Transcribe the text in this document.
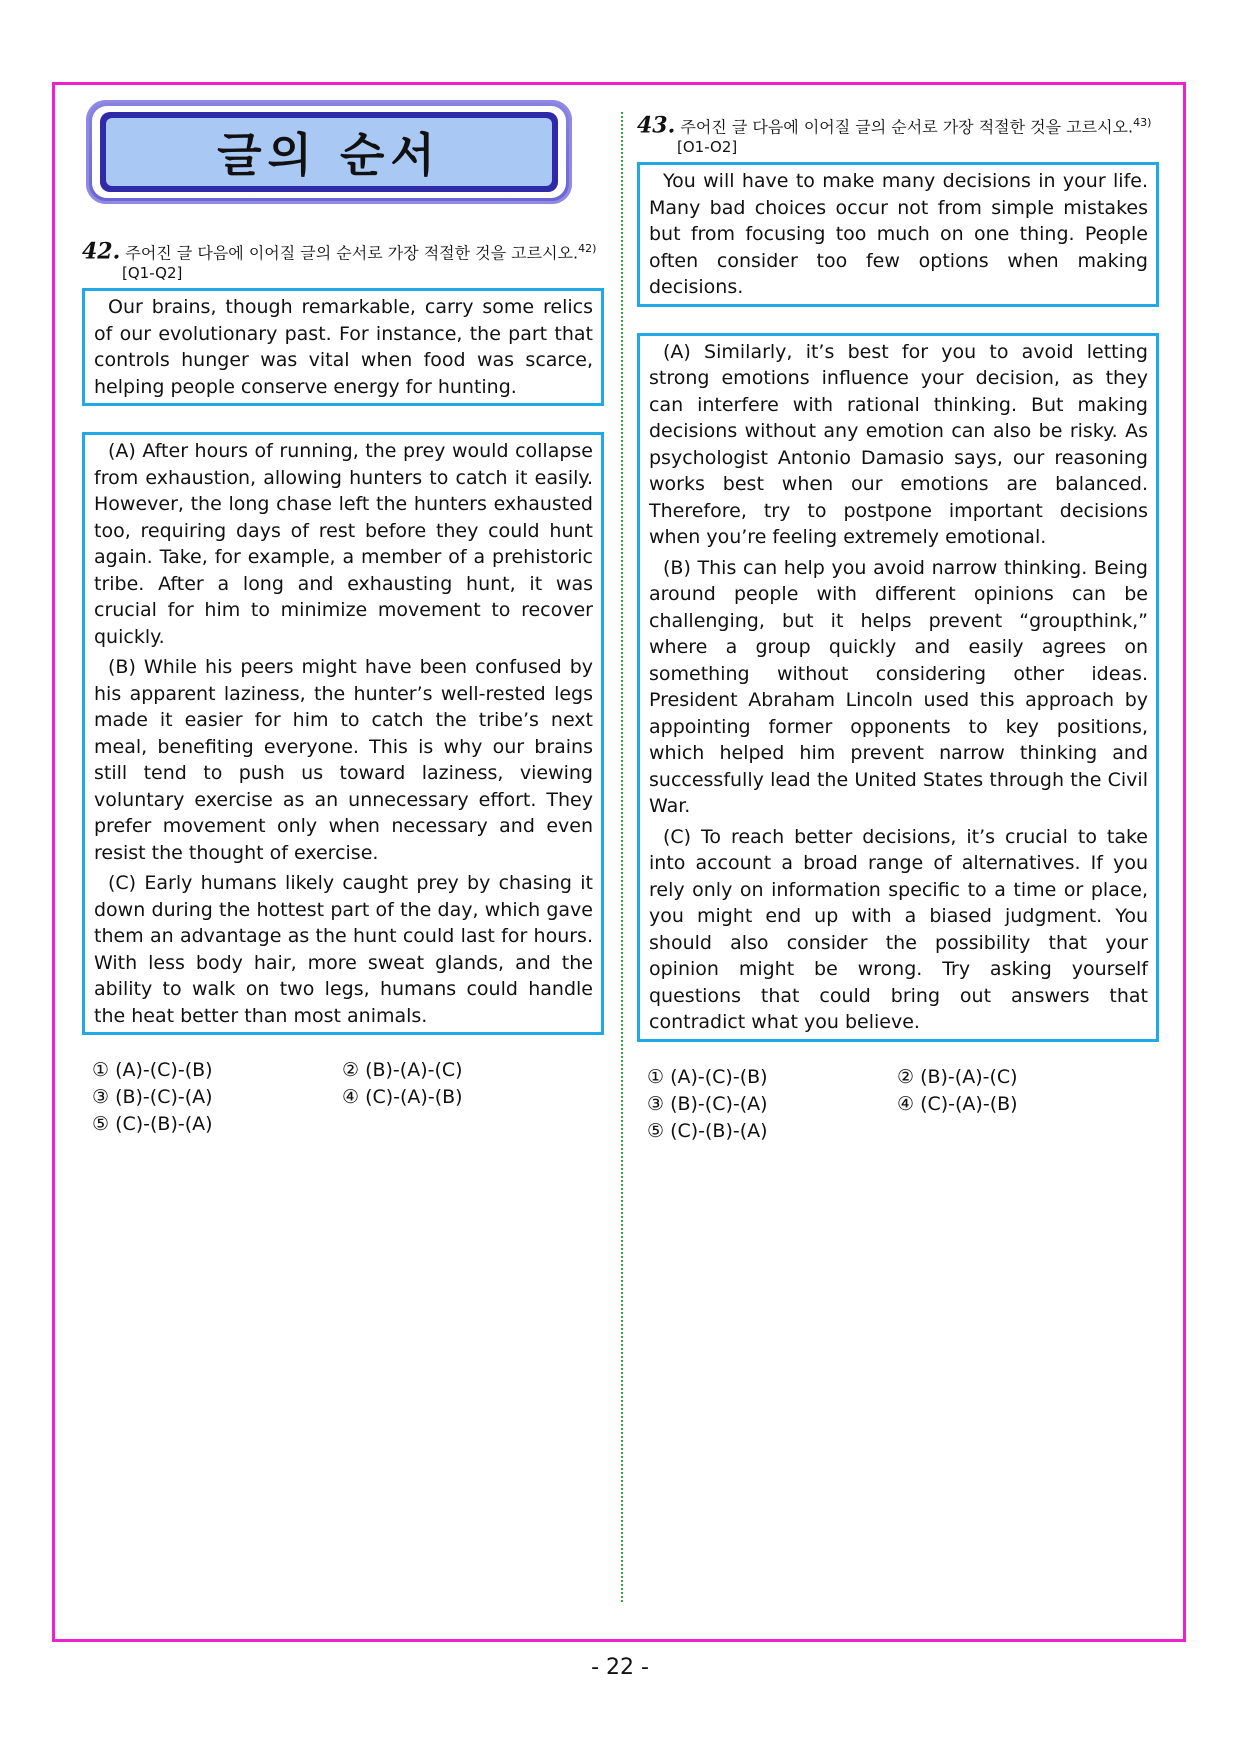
글의 순서
42. 주어진 글 다음에 이어질 글의 순서로 가장 적절한 것을 고르시오.$^{42)}$
[Q1-Q2]

Our brains, though remarkable, carry some relics of our evolutionary past. For instance, the part that controls hunger was vital when food was scarce, helping people conserve energy for hunting.

(A) After hours of running, the prey would collapse from exhaustion, allowing hunters to catch it easily. However, the long chase left the hunters exhausted too, requiring days of rest before they could hunt again. Take, for example, a member of a prehistoric tribe. After a long and exhausting hunt, it was crucial for him to minimize movement to recover quickly.

(B) While his peers might have been confused by his apparent laziness, the hunter’s well-rested legs made it easier for him to catch the tribe’s next meal, benefiting everyone. This is why our brains still tend to push us toward laziness, viewing voluntary exercise as an unnecessary effort. They prefer movement only when necessary and even resist the thought of exercise.

(C) Early humans likely caught prey by chasing it down during the hottest part of the day, which gave them an advantage as the hunt could last for hours. With less body hair, more sweat glands, and the ability to walk on two legs, humans could handle the heat better than most animals.

① (A)-(C)-(B)	② (B)-(A)-(C)
③ (B)-(C)-(A)	④ (C)-(A)-(B)
⑤ (C)-(B)-(A)
43. 주어진 글 다음에 이어질 글의 순서로 가장 적절한 것을 고르시오.$^{43)}$
[O1-O2]

You will have to make many decisions in your life. Many bad choices occur not from simple mistakes but from focusing too much on one thing. People often consider too few options when making decisions.

(A) Similarly, it’s best for you to avoid letting strong emotions influence your decision, as they can interfere with rational thinking. But making decisions without any emotion can also be risky. As psychologist Antonio Damasio says, our reasoning works best when our emotions are balanced. Therefore, try to postpone important decisions when you’re feeling extremely emotional.

(B) This can help you avoid narrow thinking. Being around people with different opinions can be challenging, but it helps prevent “groupthink,” where a group quickly and easily agrees on something without considering other ideas. President Abraham Lincoln used this approach by appointing former opponents to key positions, which helped him prevent narrow thinking and successfully lead the United States through the Civil War.

(C) To reach better decisions, it’s crucial to take into account a broad range of alternatives. If you rely only on information specific to a time or place, you might end up with a biased judgment. You should also consider the possibility that your opinion might be wrong. Try asking yourself questions that could bring out answers that contradict what you believe.

① (A)-(C)-(B)	② (B)-(A)-(C)
③ (B)-(C)-(A)	④ (C)-(A)-(B)
⑤ (C)-(B)-(A)
- 22 -
